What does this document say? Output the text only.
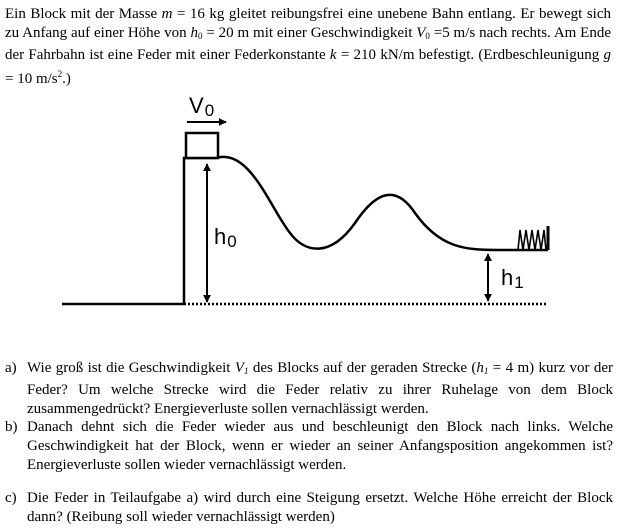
Ein Block mit der Masse m = 16 kg gleitet reibungsfrei eine unebene Bahn entlang. Er bewegt sich zu Anfang auf einer Höhe von $h_0 = 20$ m mit einer Geschwindigkeit $V_0 =5$ m/s nach rechts. Am Ende der Fahrbahn ist eine Feder mit einer Federkonstante k = 210 kN/m befestigt. (Erdbeschleunigung g = 10 $m/s^2$.)

V0
h0
h1
a) Wie groß ist die Geschwindigkeit $V_1$ des Blocks auf der geraden Strecke ($h_1 = 4$ m) kurz vor der Feder? Um welche Strecke wird die Feder relativ zu ihrer Ruhelage von dem Block zusammengedrückt? Energieverluste sollen vernachlässigt werden.
b) Danach dehnt sich die Feder wieder aus und beschleunigt den Block nach links. Welche Geschwindigkeit hat der Block, wenn er wieder an seiner Anfangsposition angekommen ist? Energieverluste sollen wieder vernachlässigt werden.
c) Die Feder in Teilaufgabe a) wird durch eine Steigung ersetzt. Welche Höhe erreicht der Block dann? (Reibung soll wieder vernachlässigt werden)
